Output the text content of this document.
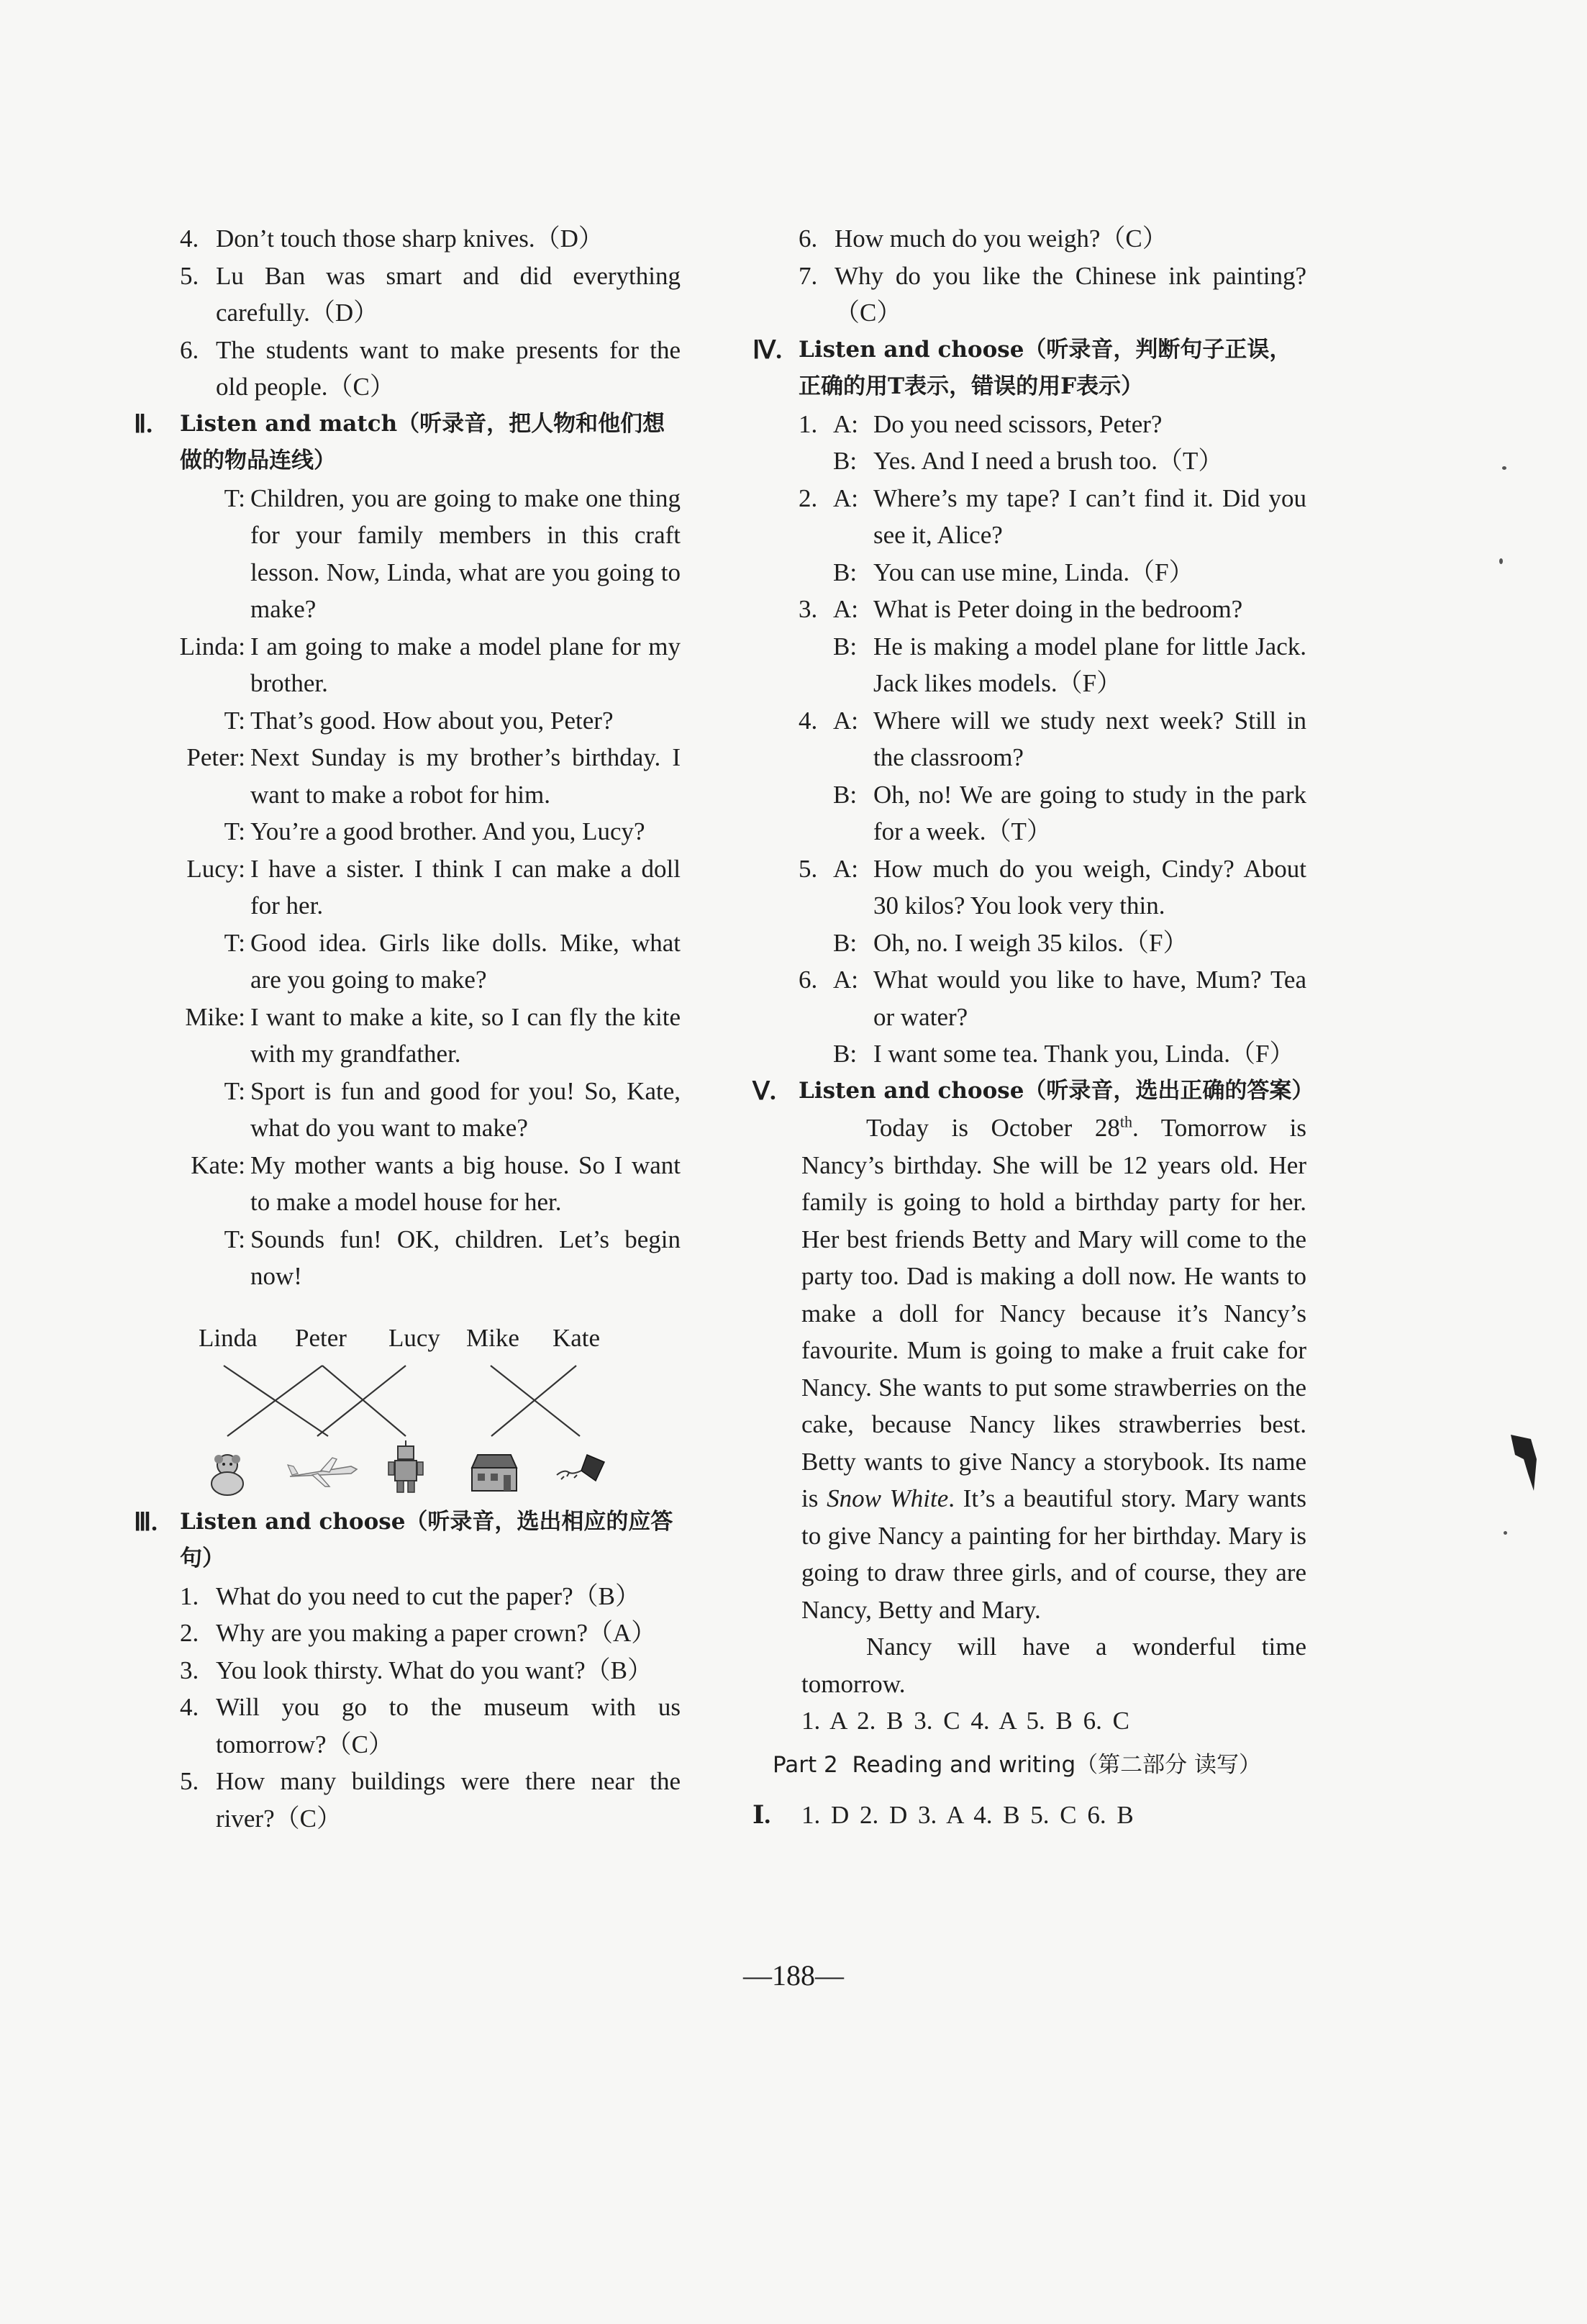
4. Don’t touch those sharp knives.（D）
5. Lu Ban was smart and did everything carefully.（D）
6. The students want to make presents for the old people.（C）
Ⅱ. Listen and match（听录音，把人物和他们想做的物品连线）
T: Children, you are going to make one thing for your family members in this craft lesson. Now, Linda, what are you going to make?
Linda: I am going to make a model plane for my brother.
T: That’s good. How about you, Peter?
Peter: Next Sunday is my brother’s birthday. I want to make a robot for him.
T: You’re a good brother. And you, Lucy?
Lucy: I have a sister. I think I can make a doll for her.
T: Good idea. Girls like dolls. Mike, what are you going to make?
Mike: I want to make a kite, so I can fly the kite with my grandfather.
T: Sport is fun and good for you! So, Kate, what do you want to make?
Kate: My mother wants a big house. So I want to make a model house for her.
T: Sounds fun! OK, children. Let’s begin now!
Linda Peter Lucy Mike Kate
Ⅲ. Listen and choose（听录音，选出相应的应答句）
1. What do you need to cut the paper?（B）
2. Why are you making a paper crown?（A）
3. You look thirsty. What do you want?（B）
4. Will you go to the museum with us tomorrow?（C）
5. How many buildings were there near the river?（C）
6. How much do you weigh?（C）
7. Why do you like the Chinese ink painting?（C）
Ⅳ. Listen and choose（听录音，判断句子正误，正确的用T表示，错误的用F表示）
1. A: Do you need scissors, Peter?
B: Yes. And I need a brush too.（T）
2. A: Where’s my tape? I can’t find it. Did you see it, Alice?
B: You can use mine, Linda.（F）
3. A: What is Peter doing in the bedroom?
B: He is making a model plane for little Jack. Jack likes models.（F）
4. A: Where will we study next week? Still in the classroom?
B: Oh, no! We are going to study in the park for a week.（T）
5. A: How much do you weigh, Cindy? About 30 kilos? You look very thin.
B: Oh, no. I weigh 35 kilos.（F）
6. A: What would you like to have, Mum? Tea or water?
B: I want some tea. Thank you, Linda.（F）
Ⅴ. Listen and choose（听录音，选出正确的答案）
Today is October 28th. Tomorrow is Nancy’s birthday. She will be 12 years old. Her family is going to hold a birthday party for her. Her best friends Betty and Mary will come to the party too. Dad is making a doll now. He wants to make a doll for Nancy because it’s Nancy’s favourite. Mum is going to make a fruit cake for Nancy. She wants to put some strawberries on the cake, because Nancy likes strawberries best. Betty wants to give Nancy a storybook. Its name is Snow White. It’s a beautiful story. Mary wants to give Nancy a painting for her birthday. Mary is going to draw three girls, and of course, they are Nancy, Betty and Mary.
Nancy will have a wonderful time
tomorrow.
1. A 2. B 3. C 4. A 5. B 6. C
Part 2 Reading and writing（第二部分 读写）
Ⅰ. 1. D 2. D 3. A 4. B 5. C 6. B
—188—
